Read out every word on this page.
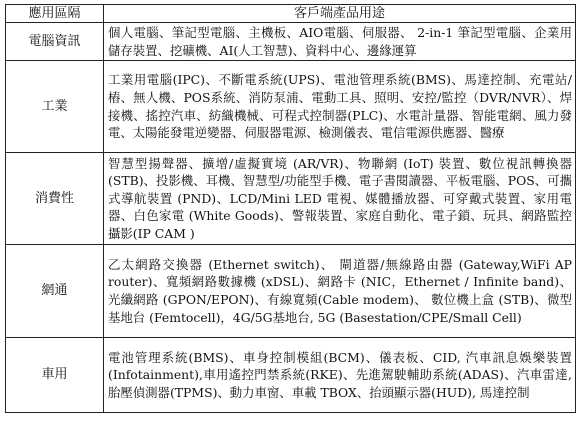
應用區隔	客戶端產品用途
電腦資訊	個人電腦、筆記型電腦、主機板、AIO電腦、伺服器、 2-in-1 筆記型電腦、企業用儲存裝置、挖礦機、AI(人工智慧)、資料中心、邊緣運算
工業	工業用電腦(IPC)、不斷電系統(UPS)、電池管理系統(BMS)、馬達控制、充電站/樁、無人機、POS系統、消防泵浦、電動工具、照明、安控/監控（DVR/NVR）、焊接機、搖控汽車、紡織機械、可程式控制器(PLC)、水電計量器、智能電網、風力發電、太陽能發電逆變器、伺服器電源、檢測儀表、電信電源供應器、醫療
消費性	智慧型揚聲器、擴增/虛擬實境 (AR/VR)、物聯網 (IoT) 裝置、數位視訊轉換器 (STB)、投影機、耳機、智慧型/功能型手機、電子書閱讀器、平板電腦、POS、可攜式導航裝置 (PND)、LCD/Mini LED 電視、媒體播放器、可穿戴式裝置、家用電器、白色家電 (White Goods)、警報裝置、家庭自動化、電子鎖、玩具、網路監控攝影(IP CAM )
網通	乙太網路交換器 (Ethernet switch)、 閘道器/無線路由器 (Gateway,WiFi AP router)、寬頻網路數據機 (xDSL)、網路卡 (NIC，Ethernet / Infinite band)、光纖網路 (GPON/EPON)、有線寬頻(Cable modem)、 數位機上盒 (STB)、微型基地台 (Femtocell)，4G/5G基地台, 5G (Basestation/CPE/Small Cell)
車用	電池管理系統(BMS)、車身控制模組(BCM)、儀表板、CID, 汽車訊息娛樂裝置(Infotainment),車用遙控門禁系統(RKE)、先進駕駛輔助系統(ADAS)、汽車雷達, 胎壓偵測器(TPMS)、動力車窗、車載 TBOX、抬頭顯示器(HUD), 馬達控制
